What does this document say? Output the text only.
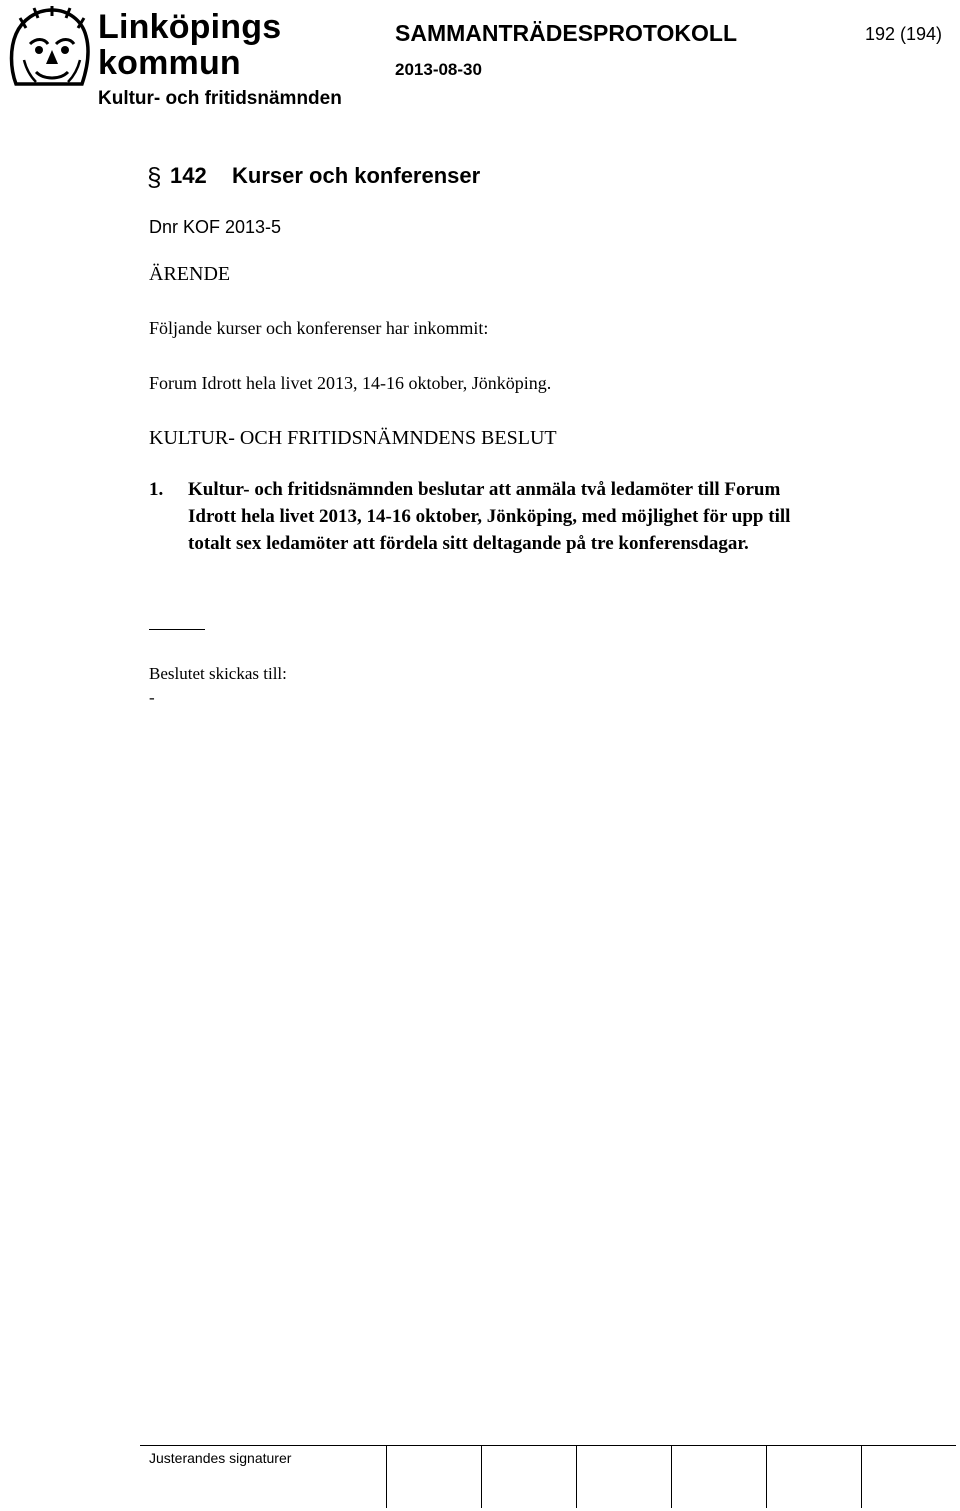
Linköpings
kommun
Kultur- och fritidsnämnden
SAMMANTRÄDESPROTOKOLL
2013-08-30
192 (194)
§ 142 Kurser och konferenser
Dnr KOF 2013-5
ÄRENDE
Följande kurser och konferenser har inkommit:
Forum Idrott hela livet 2013, 14-16 oktober, Jönköping.
KULTUR- OCH FRITIDSNÄMNDENS BESLUT
1. Kultur- och fritidsnämnden beslutar att anmäla två ledamöter till Forum
Idrott hela livet 2013, 14-16 oktober, Jönköping, med möjlighet för upp till
totalt sex ledamöter att fördela sitt deltagande på tre konferensdagar.
Beslutet skickas till:
-
Justerandes signaturer
